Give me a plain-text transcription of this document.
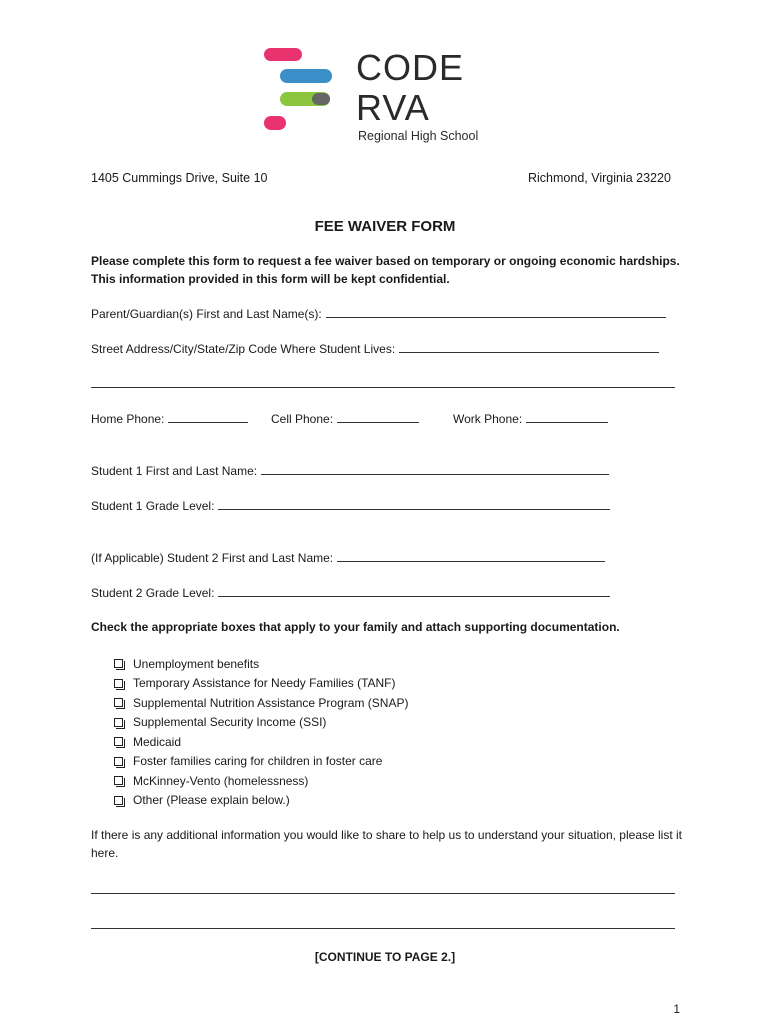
CODE
RVA
Regional High School
1405 Cummings Drive, Suite 10	Richmond, Virginia 23220
FEE WAIVER FORM
Please complete this form to request a fee waiver based on temporary or ongoing economic hardships. This information provided in this form will be kept confidential.
Parent/Guardian(s) First and Last Name(s):
Street Address/City/State/Zip Code Where Student Lives:
Home Phone:	Cell Phone:	Work Phone:
Student 1 First and Last Name:
Student 1 Grade Level:
(If Applicable) Student 2 First and Last Name:
Student 2 Grade Level:
Check the appropriate boxes that apply to your family and attach supporting documentation.
Unemployment benefits
Temporary Assistance for Needy Families (TANF)
Supplemental Nutrition Assistance Program (SNAP)
Supplemental Security Income (SSI)
Medicaid
Foster families caring for children in foster care
McKinney-Vento (homelessness)
Other (Please explain below.)
If there is any additional information you would like to share to help us to understand your situation, please list it here.
[CONTINUE TO PAGE 2.]
1
